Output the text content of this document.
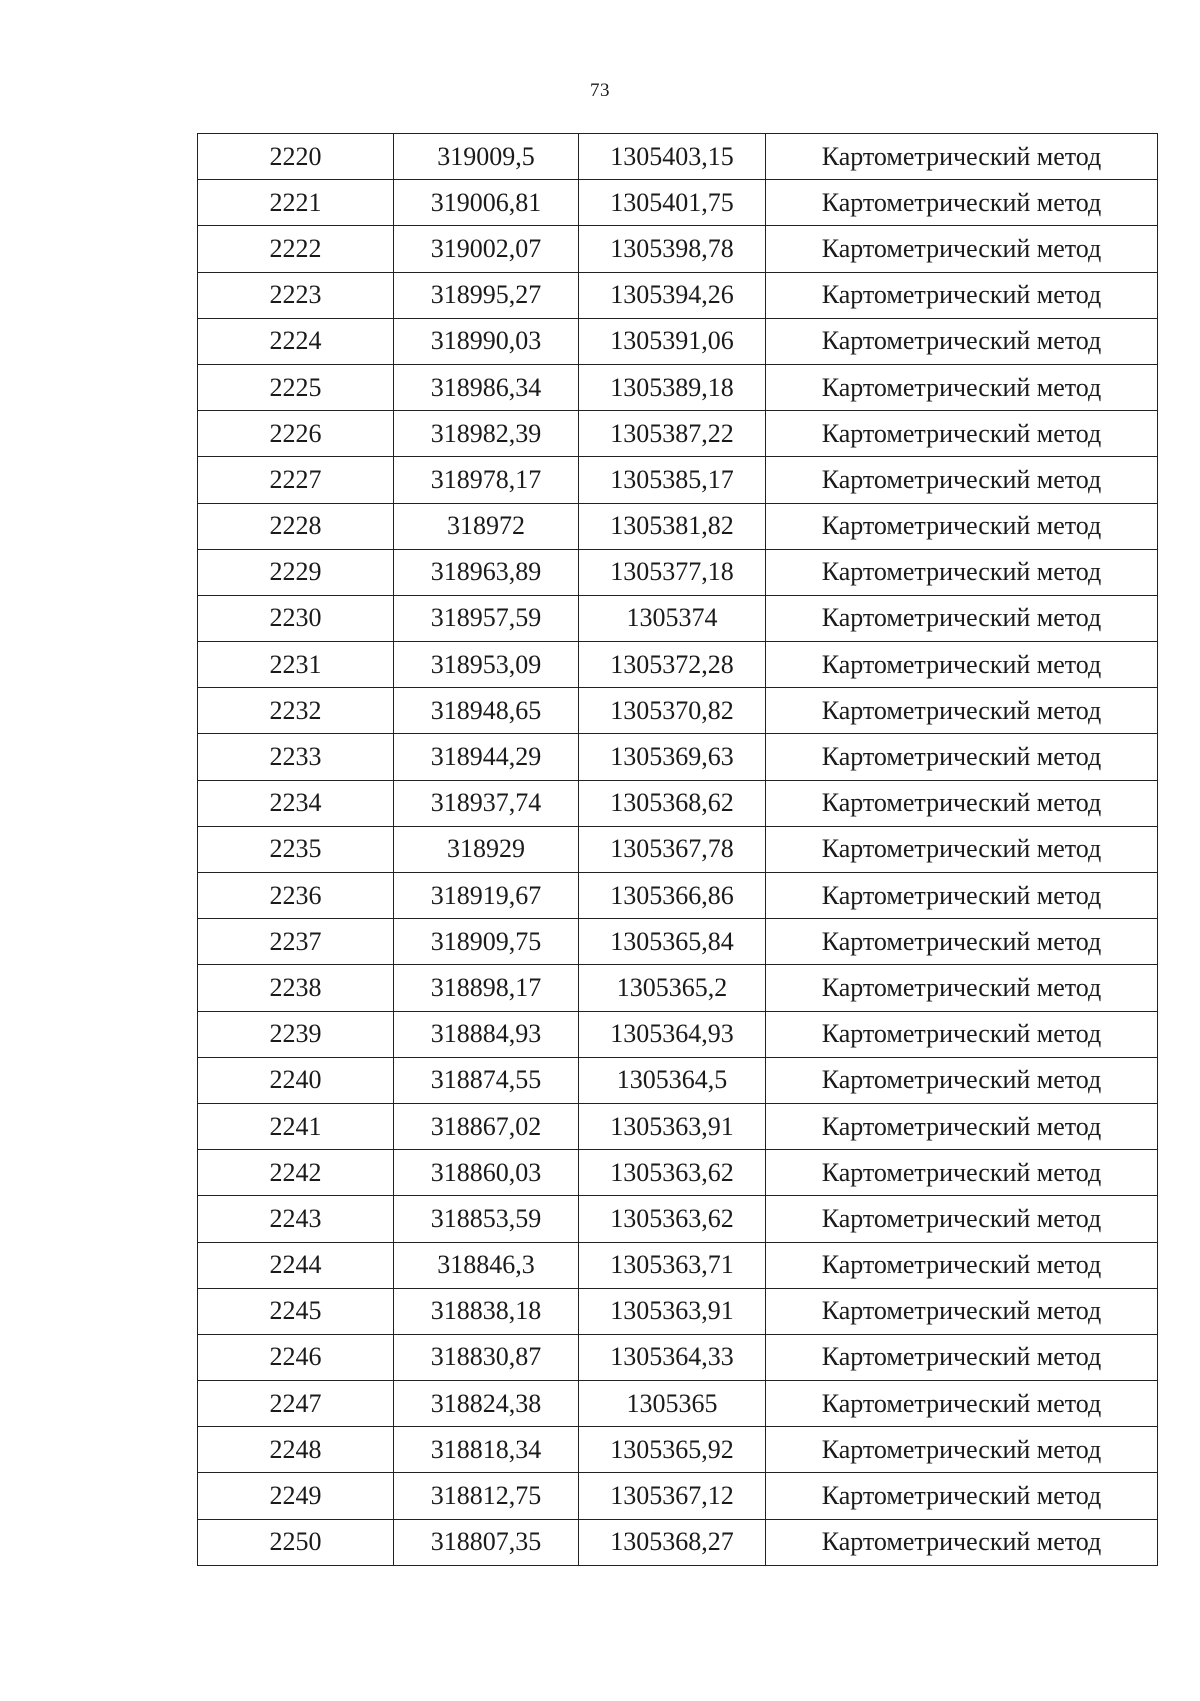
73
2220	319009,5	1305403,15	Картометрический метод
2221	319006,81	1305401,75	Картометрический метод
2222	319002,07	1305398,78	Картометрический метод
2223	318995,27	1305394,26	Картометрический метод
2224	318990,03	1305391,06	Картометрический метод
2225	318986,34	1305389,18	Картометрический метод
2226	318982,39	1305387,22	Картометрический метод
2227	318978,17	1305385,17	Картометрический метод
2228	318972	1305381,82	Картометрический метод
2229	318963,89	1305377,18	Картометрический метод
2230	318957,59	1305374	Картометрический метод
2231	318953,09	1305372,28	Картометрический метод
2232	318948,65	1305370,82	Картометрический метод
2233	318944,29	1305369,63	Картометрический метод
2234	318937,74	1305368,62	Картометрический метод
2235	318929	1305367,78	Картометрический метод
2236	318919,67	1305366,86	Картометрический метод
2237	318909,75	1305365,84	Картометрический метод
2238	318898,17	1305365,2	Картометрический метод
2239	318884,93	1305364,93	Картометрический метод
2240	318874,55	1305364,5	Картометрический метод
2241	318867,02	1305363,91	Картометрический метод
2242	318860,03	1305363,62	Картометрический метод
2243	318853,59	1305363,62	Картометрический метод
2244	318846,3	1305363,71	Картометрический метод
2245	318838,18	1305363,91	Картометрический метод
2246	318830,87	1305364,33	Картометрический метод
2247	318824,38	1305365	Картометрический метод
2248	318818,34	1305365,92	Картометрический метод
2249	318812,75	1305367,12	Картометрический метод
2250	318807,35	1305368,27	Картометрический метод
